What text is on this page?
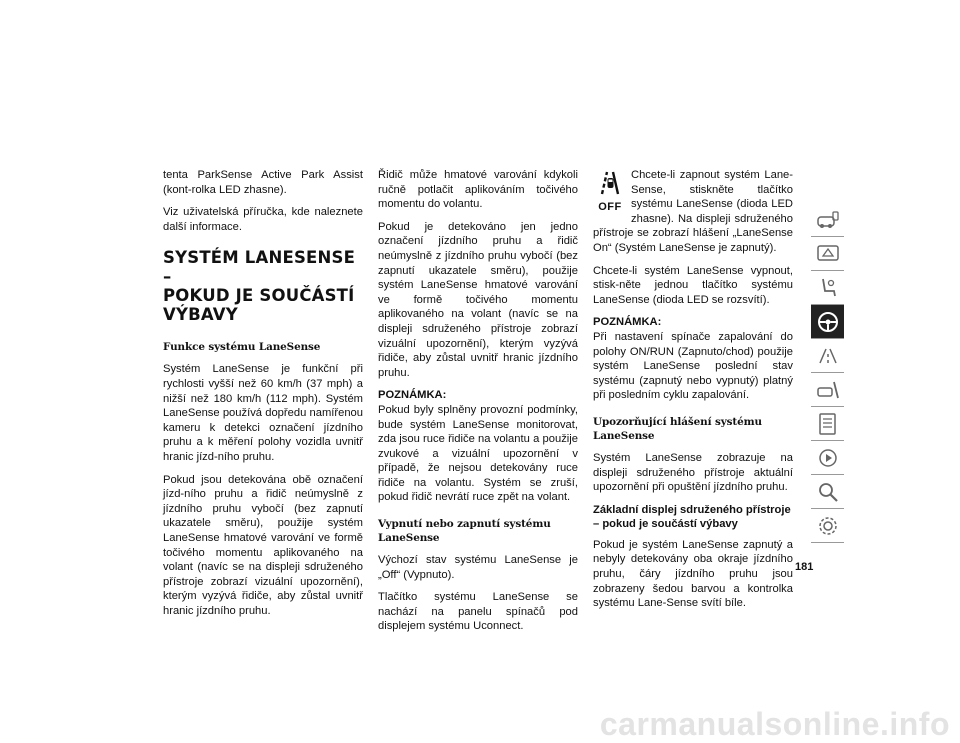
tenta ParkSense Active Park Assist (kont-rolka LED zhasne).

Viz uživatelská příručka, kde naleznete další informace.

SYSTÉM LANESENSE –
POKUD JE SOUČÁSTÍ
VÝBAVY
Funkce systému LaneSense

Systém LaneSense je funkční při rychlosti vyšší než 60 km/h (37 mph) a nižší než 180 km/h (112 mph). Systém LaneSense používá dopředu namířenou kameru k detekci označení jízdního pruhu a k měření polohy vozidla uvnitř hranic jízd-ního pruhu.

Pokud jsou detekována obě označení jízd-ního pruhu a řidič neúmyslně z jízdního pruhu vybočí (bez zapnutí ukazatele směru), použije systém LaneSense hmatové varování ve formě točivého momentu aplikovaného na volant (navíc se na displeji sdruženého přístroje zobrazí vizuální upozornění), kterým vyzývá řidiče, aby zůstal uvnitř hranic jízdního pruhu.

Řidič může hmatové varování kdykoli ručně potlačit aplikováním točivého momentu do volantu.

Pokud je detekováno jen jedno označení jízdního pruhu a řidič neúmyslně z jízdního pruhu vybočí (bez zapnutí ukazatele směru), použije systém LaneSense hmatové varování ve formě točivého momentu aplikovaného na volant (navíc se na displeji sdruženého přístroje zobrazí vizuální upozornění), kterým vyzývá řidiče, aby zůstal uvnitř hranic jízdního pruhu.

POZNÁMKA:

Pokud byly splněny provozní podmínky, bude systém LaneSense monitorovat, zda jsou ruce řidiče na volantu a použije zvukové a vizuální upozornění v případě, že nejsou detekovány ruce řidiče na volantu. Systém se zruší, pokud řidič nevrátí ruce zpět na volant.

Vypnutí nebo zapnutí systému LaneSense

Výchozí stav systému LaneSense je „Off“ (Vypnuto).

Tlačítko systému LaneSense se nachází na panelu spínačů pod displejem systému Uconnect.

OFF

Chcete-li zapnout systém Lane-Sense, stiskněte tlačítko systému LaneSense (dioda LED zhasne). Na displeji sdruženého přístroje se zobrazí hlášení „LaneSense On“ (Systém LaneSense je zapnutý).

Chcete-li systém LaneSense vypnout, stisk-něte jednou tlačítko systému LaneSense (dioda LED se rozsvítí).

POZNÁMKA:

Při nastavení spínače zapalování do polohy ON/RUN (Zapnuto/chod) použije systém LaneSense poslední stav systému (zapnutý nebo vypnutý) platný při posledním cyklu zapalování.

Upozorňující hlášení systému LaneSense

Systém LaneSense zobrazuje na displeji sdruženého přístroje aktuální upozornění při opuštění jízdního pruhu.

Základní displej sdruženého přístroje – pokud je součástí výbavy

Pokud je systém LaneSense zapnutý a nebyly detekovány oba okraje jízdního pruhu, čáry jízdního pruhu jsou zobrazeny šedou barvou a kontrolka systému Lane-Sense svítí bíle.

181
carmanualsonline.info
